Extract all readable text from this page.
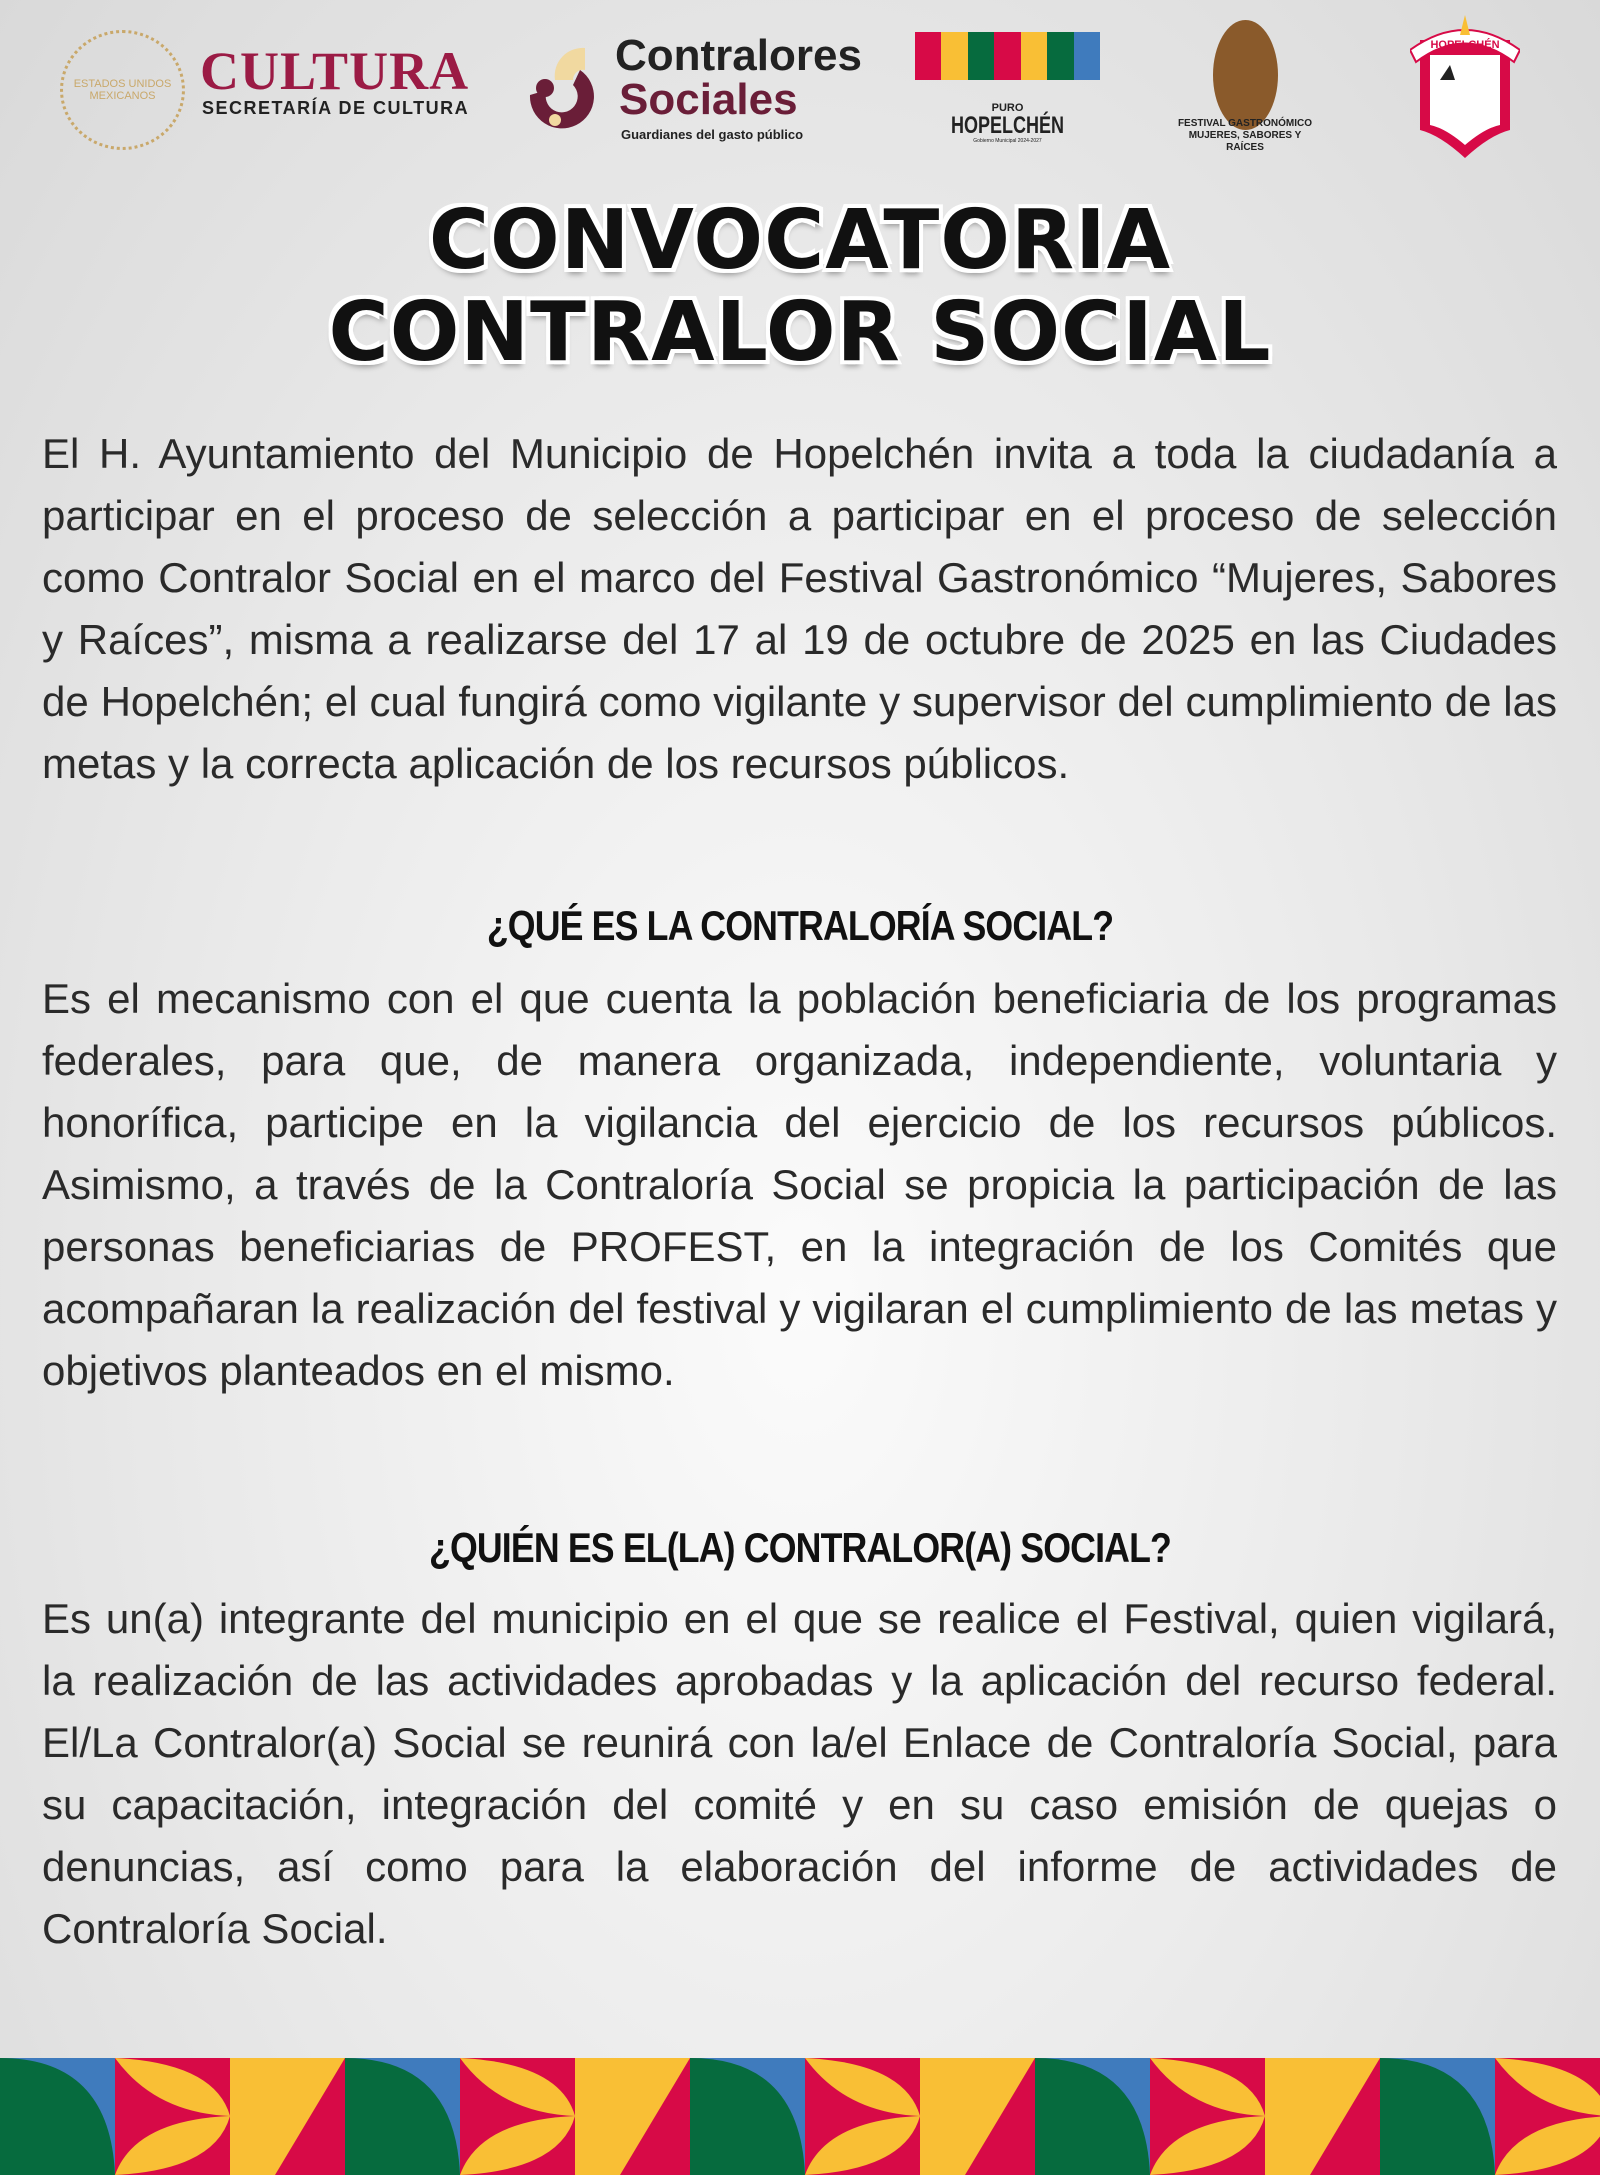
ESTADOS UNIDOS MEXICANOS CULTURA
SECRETARÍA DE CULTURA
Contralores
Sociales
Guardianes del gasto público
PURO
HOPELCHÉN
Gobierno Municipal 2024-2027
FESTIVAL GASTRONÓMICO
MUJERES, SABORES Y RAÍCES
HOPELCHÉN
CONVOCATORIA
CONTRALOR SOCIAL

El H. Ayuntamiento del Municipio de Hopelchén invita a toda la ciudadanía a participar en el proceso de selección a participar en el proceso de selección como Contralor Social en el marco del Festival Gastronómico “Mujeres, Sabores y Raíces”, misma a realizarse del 17 al 19 de octubre de 2025 en las Ciudades de Hopelchén; el cual fungirá como vigilante y supervisor del cumplimiento de las metas y la correcta aplicación de los recursos públicos.

¿QUÉ ES LA CONTRALORÍA SOCIAL?

Es el mecanismo con el que cuenta la población beneficiaria de los programas federales, para que, de manera organizada, independiente, voluntaria y honorífica, participe en la vigilancia del ejercicio de los recursos públicos. Asimismo, a través de la Contraloría Social se propicia la participación de las personas beneficiarias de PROFEST, en la integración de los Comités que acompañaran la realización del festival y vigilaran el cumplimiento de las metas y objetivos planteados en el mismo.

¿QUIÉN ES EL(LA) CONTRALOR(A) SOCIAL?

Es un(a) integrante del municipio en el que se realice el Festival, quien vigilará, la realización de las actividades aprobadas y la aplicación del recurso federal. El/La Contralor(a) Social se reunirá con la/el Enlace de Contraloría Social, para su capacitación, integración del comité y en su caso emisión de quejas o denuncias, así como para la elaboración del informe de actividades de Contraloría Social.
